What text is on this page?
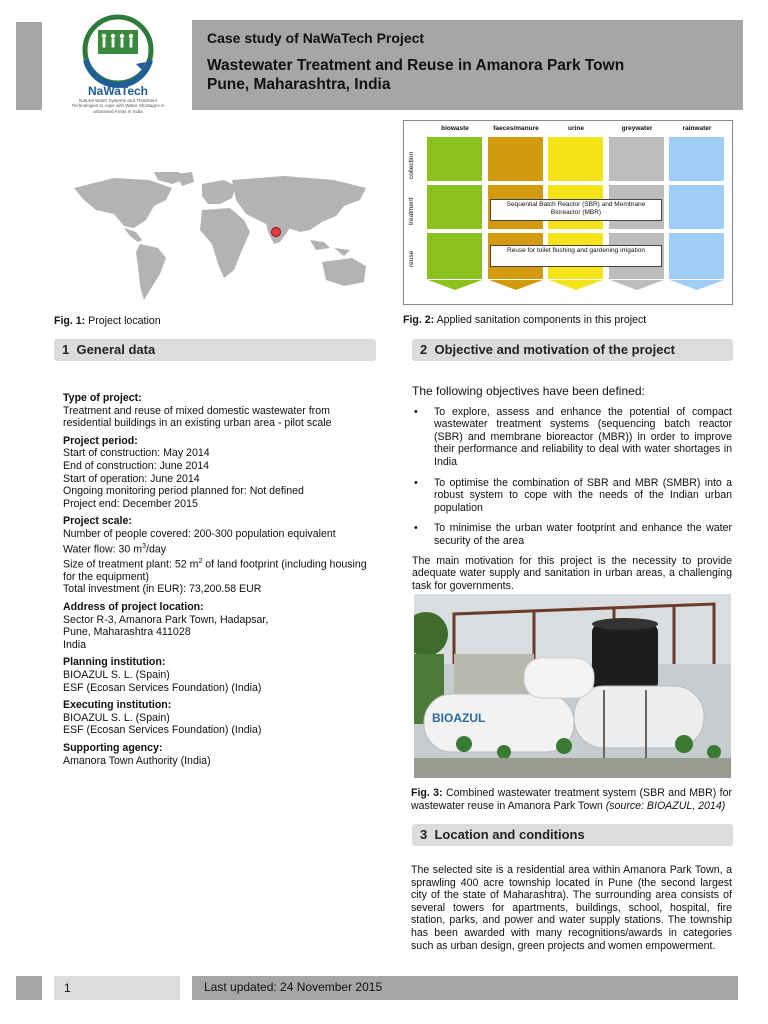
NaWaTech
Natural Water Systems and Treatment Technologies to cope with Water Shortages in urbanised Areas in India
Case study of NaWaTech Project
Wastewater Treatment and Reuse in Amanora Park Town
Pune, Maharashtra, India
Fig. 1: Project location
biowaste	faeces/manure	urine	greywater	rainwater
collection
treatment
reuse
Sequential Batch Reactor (SBR) and Membrane Bioreactor (MBR)
Reuse for toilet flushing and gardening irrigation
Fig. 2: Applied sanitation components in this project
1 General data
Type of project:
Treatment and reuse of mixed domestic wastewater from residential buildings in an existing urban area - pilot scale
Project period:
Start of construction: May 2014
End of construction: June 2014
Start of operation: June 2014
Ongoing monitoring period planned for: Not defined
Project end: December 2015
Project scale:
Number of people covered: 200-300 population equivalent
Water flow: 30 $m^3$/day
Size of treatment plant: 52 $m^2$ of land footprint (including housing for the equipment)
Total investment (in EUR): 73,200.58 EUR
Address of project location:
Sector R-3, Amanora Park Town, Hadapsar,
Pune, Maharashtra 411028
India
Planning institution:
BIOAZUL S. L. (Spain)
ESF (Ecosan Services Foundation) (India)
Executing institution:
BIOAZUL S. L. (Spain)
ESF (Ecosan Services Foundation) (India)
Supporting agency:
Amanora Town Authority (India)
2 Objective and motivation of the project
The following objectives have been defined:
• To explore, assess and enhance the potential of compact wastewater treatment systems (sequencing batch reactor (SBR) and membrane bioreactor (MBR)) in order to improve their performance and reliability to deal with water shortages in India
• To optimise the combination of SBR and MBR (SMBR) into a robust system to cope with the needs of the Indian urban population
• To minimise the urban water footprint and enhance the water security of the area
The main motivation for this project is the necessity to provide adequate water supply and sanitation in urban areas, a challenging task for governments.
BIOAZUL
Fig. 3: Combined wastewater treatment system (SBR and MBR) for wastewater reuse in Amanora Park Town (source: BIOAZUL, 2014)
3 Location and conditions
The selected site is a residential area within Amanora Park Town, a sprawling 400 acre township located in Pune (the second largest city of the state of Maharashtra). The surrounding area consists of several towers for apartments, buildings, school, hospital, fire station, parks, and power and water supply stations. The township has been awarded with many recognitions/awards in categories such as urban design, green projects and women empowerment.
1	Last updated: 24 November 2015
